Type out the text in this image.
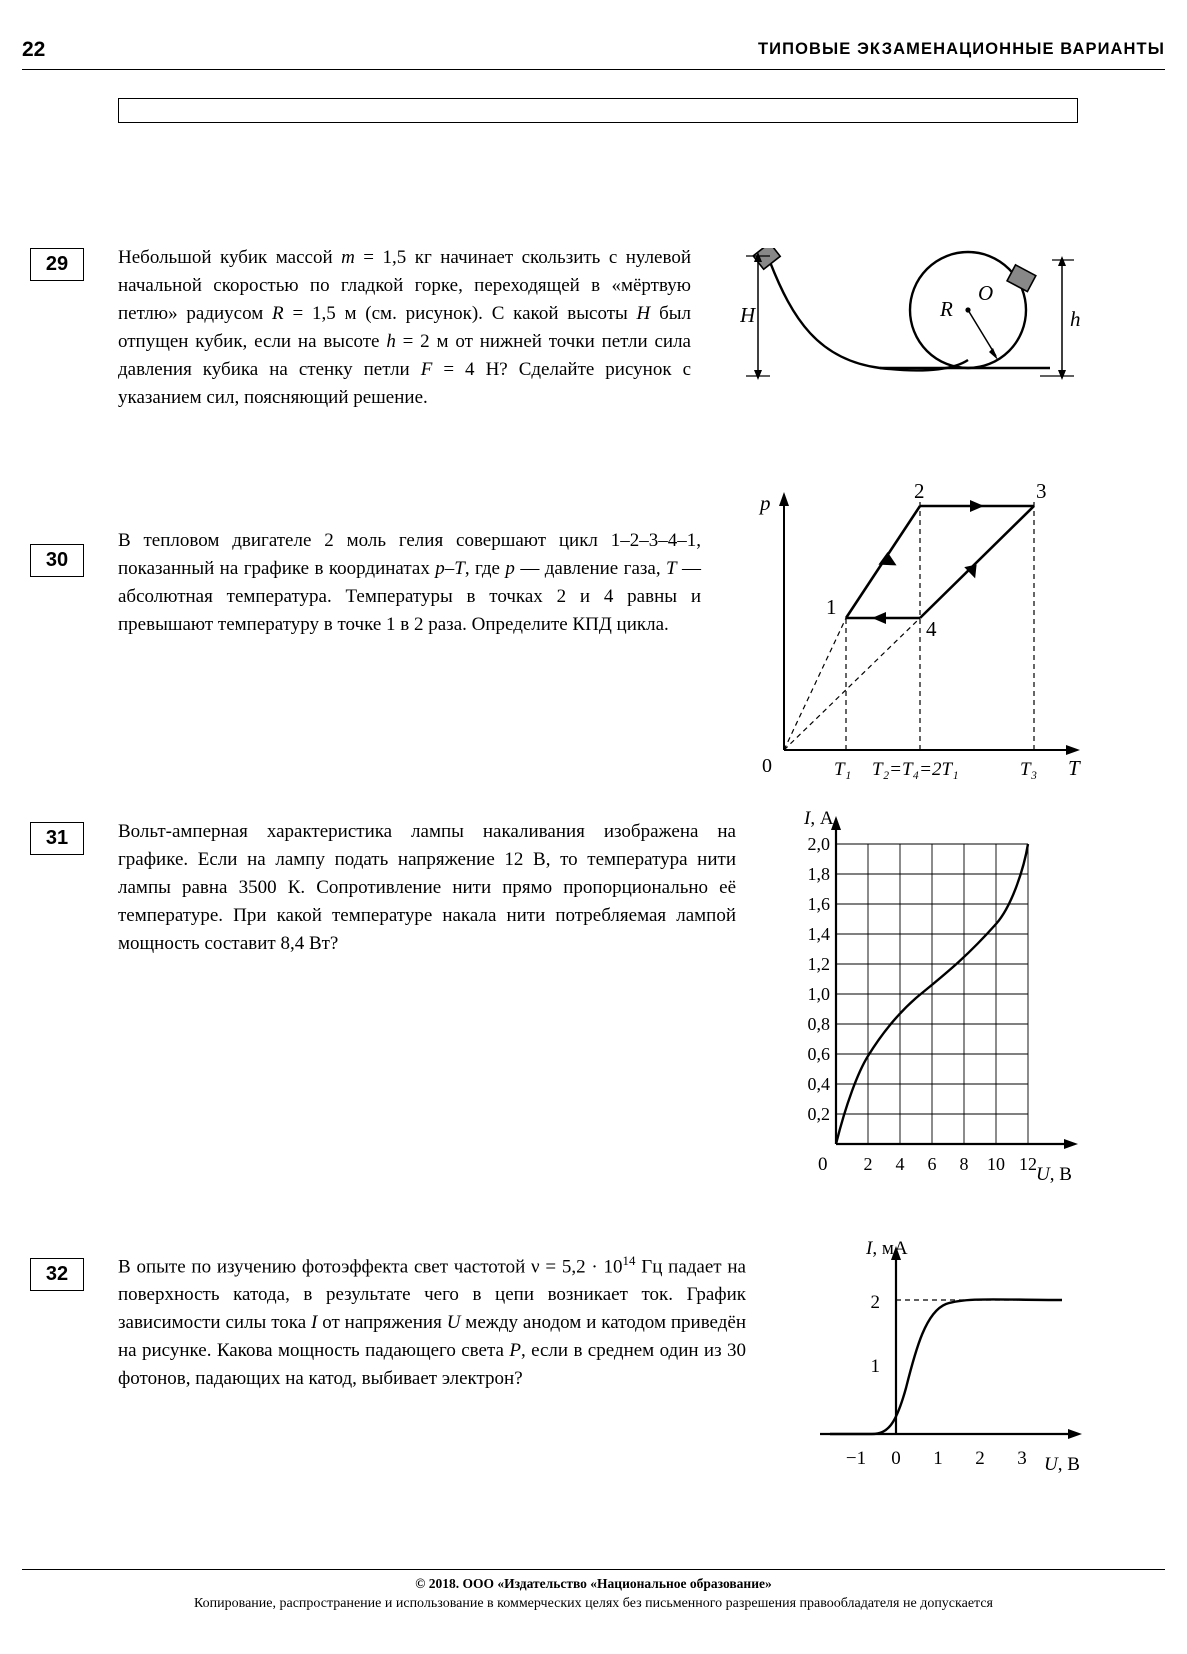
22	ТИПОВЫЕ ЭКЗАМЕНАЦИОННЫЕ ВАРИАНТЫ

29	Небольшой кубик массой m = 1,5 кг начинает скользить с нулевой начальной скоростью по гладкой горке, переходящей в «мёртвую петлю» радиусом R = 1,5 м (см. рисунок). С какой высоты H был отпущен кубик, если на высоте h = 2 м от нижней точки петли сила давления кубика на стенку петли F = 4 Н? Сделайте рисунок с указанием сил, поясняющий решение.
H	h
R
O
30
В тепловом двигателе 2 моль гелия совершают цикл 1–2–3–4–1, показанный на графике в координатах p–T, где p — давление газа, T — абсолютная температура. Температуры в точках 2 и 4 равны и превышают температуру в точке 1 в 2 раза. Определите КПД цикла.
p
T
0
1
2	3
4
T₁ T₂=T₄=2T₁	T₃
31	Вольт-амперная характеристика лампы накаливания изображена на графике. Если на лампу подать напряжение 12 В, то температура нити лампы равна 3500 К. Сопротивление нити прямо пропорционально её температуре. При какой температуре накала нити потребляемая лампой мощность составит 8,4 Вт?
I, А
U, В
0
2,0
1,8
1,6
1,4
1,2
1,0
0,8
0,6
0,4
0,2
2 4 6 8 10 12
32	В опыте по изучению фотоэффекта свет частотой $\nu = 5,2 \cdot 10^{14}$ Гц падает на поверхность катода, в результате чего в цепи возникает ток. График зависимости силы тока I от напряжения U между анодом и катодом приведён на рисунке. Какова мощность падающего света P, если в среднем один из 30 фотонов, падающих на катод, выбивает электрон?
I, мА
U, В
2
1
−1 0 1 2 3
© 2018. ООО «Издательство «Национальное образование»
Копирование, распространение и использование в коммерческих целях без письменного разрешения правообладателя не допускается
